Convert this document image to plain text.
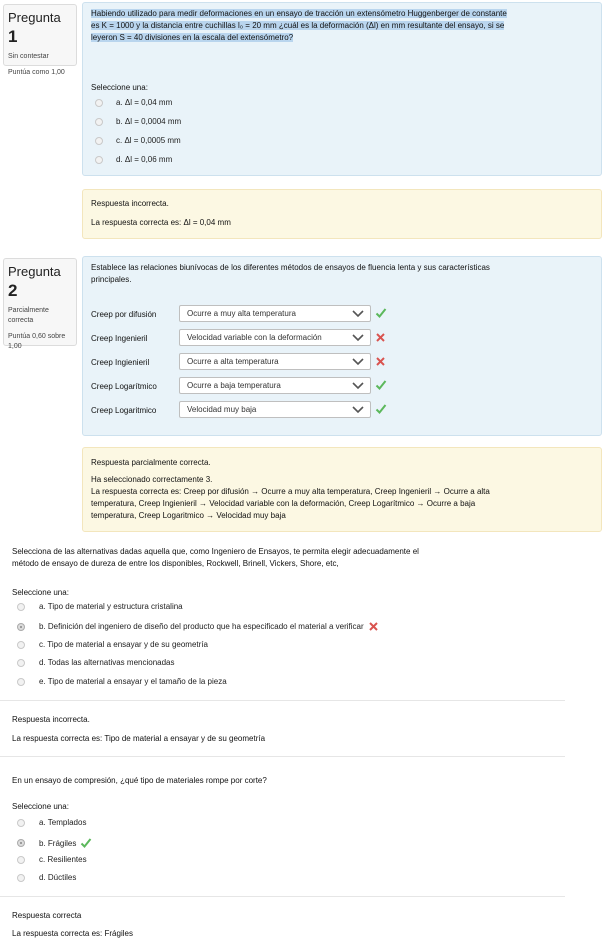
Pregunta 1
Sin contestar
Puntúa como 1,00
Habiendo utilizado para medir deformaciones en un ensayo de tracción un extensómetro Huggenberger de constante
es K = 1000 y la distancia entre cuchillas l₀ = 20 mm ¿cuál es la deformación (Δl) en mm resultante del ensayo, si se
leyeron S = 40 divisiones en la escala del extensómetro?
Seleccione una:
a. Δl = 0,04 mm
b. Δl = 0,0004 mm
c. Δl = 0,0005 mm
d. Δl = 0,06 mm
Respuesta incorrecta.
La respuesta correcta es: Δl = 0,04 mm
Pregunta 2
Parcialmente correcta
Puntúa 0,60 sobre 1,00
Establece las relaciones biunívocas de los diferentes métodos de ensayos de fluencia lenta y sus características
principales.
Creep por difusión	Ocurre a muy alta temperatura
Creep Ingenieril	Velocidad variable con la deformación
Creep Ingienieril	Ocurre a alta temperatura
Creep Logarítmico	Ocurre a baja temperatura
Creep Logaritmico	Velocidad muy baja
Respuesta parcialmente correcta.
Ha seleccionado correctamente 3.
La respuesta correcta es: Creep por difusión → Ocurre a muy alta temperatura, Creep Ingenieril → Ocurre a alta
temperatura, Creep Ingienieril → Velocidad variable con la deformación, Creep Logarítmico → Ocurre a baja
temperatura, Creep Logaritmico → Velocidad muy baja
Selecciona de las alternativas dadas aquella que, como Ingeniero de Ensayos, te permita elegir adecuadamente el
método de ensayo de dureza de entre los disponibles, Rockwell, Brinell, Vickers, Shore, etc,
Seleccione una:
a. Tipo de material y estructura cristalina
b. Definición del ingeniero de diseño del producto que ha especificado el material a verificar
c. Tipo de material a ensayar y de su geometría
d. Todas las alternativas mencionadas
e. Tipo de material a ensayar y el tamaño de la pieza
Respuesta incorrecta.
La respuesta correcta es: Tipo de material a ensayar y de su geometría
En un ensayo de compresión, ¿qué tipo de materiales rompe por corte?
Seleccione una:
a. Templados
b. Frágiles
c. Resilientes
d. Dúctiles
Respuesta correcta
La respuesta correcta es: Frágiles
